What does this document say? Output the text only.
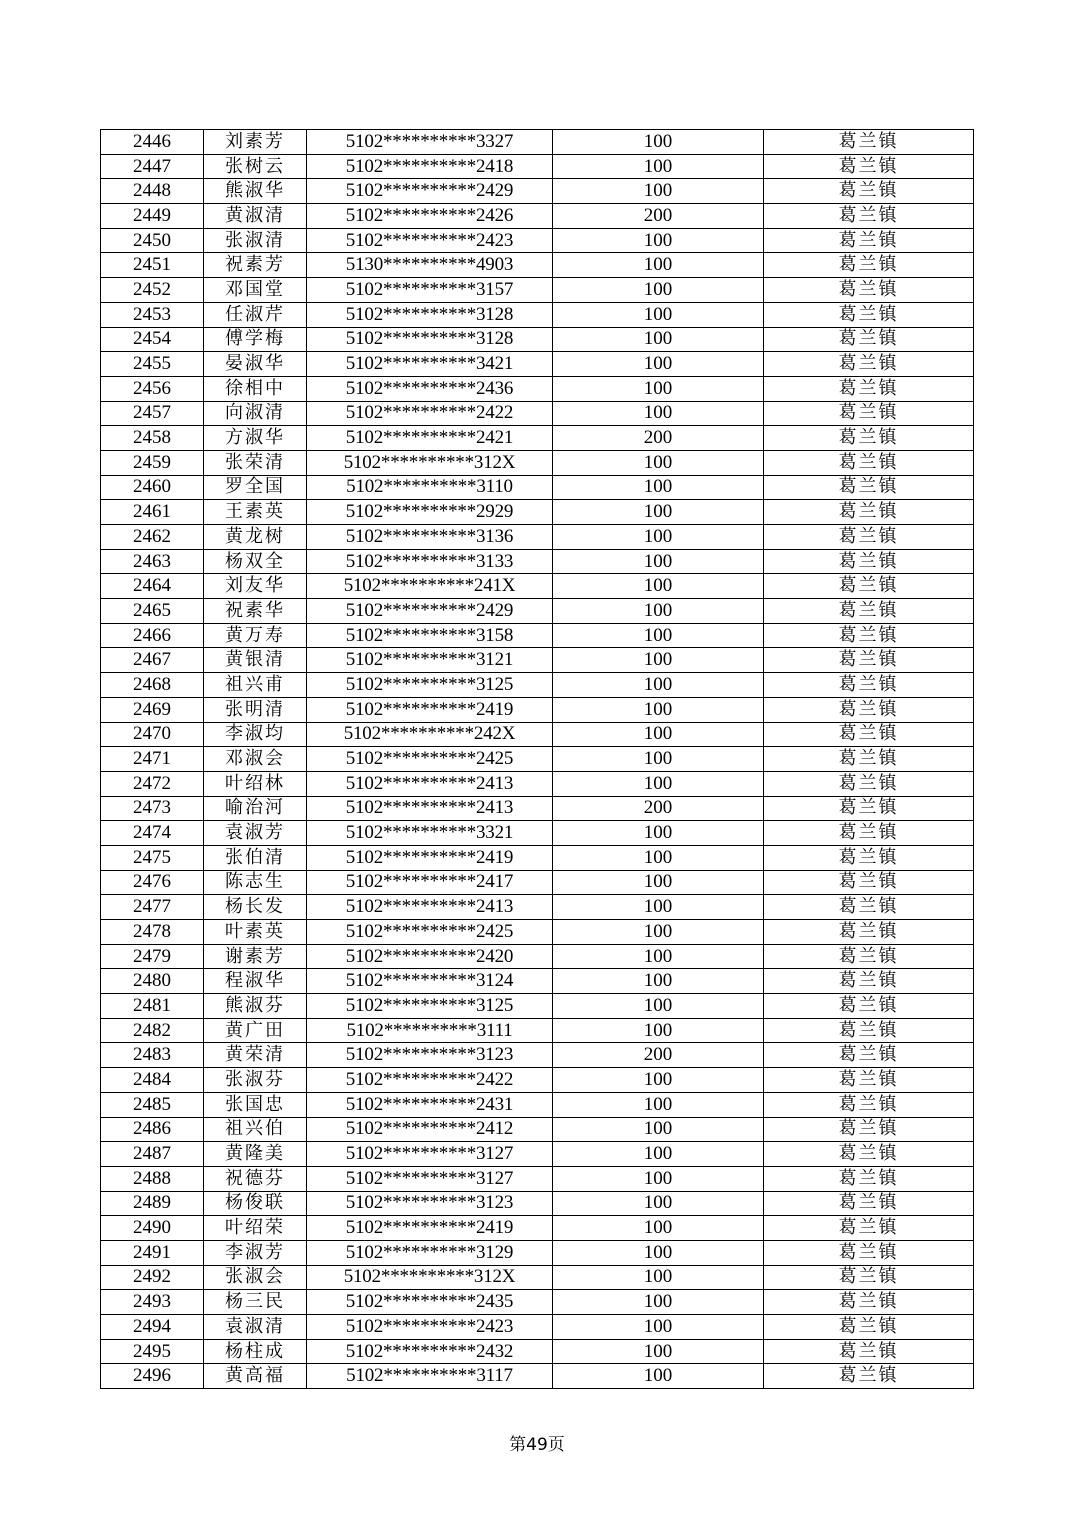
2446	刘素芳	5102**********3327	100	葛兰镇
2447	张树云	5102**********2418	100	葛兰镇
2448	熊淑华	5102**********2429	100	葛兰镇
2449	黄淑清	5102**********2426	200	葛兰镇
2450	张淑清	5102**********2423	100	葛兰镇
2451	祝素芳	5130**********4903	100	葛兰镇
2452	邓国堂	5102**********3157	100	葛兰镇
2453	任淑芹	5102**********3128	100	葛兰镇
2454	傅学梅	5102**********3128	100	葛兰镇
2455	晏淑华	5102**********3421	100	葛兰镇
2456	徐相中	5102**********2436	100	葛兰镇
2457	向淑清	5102**********2422	100	葛兰镇
2458	方淑华	5102**********2421	200	葛兰镇
2459	张荣清	5102**********312X	100	葛兰镇
2460	罗全国	5102**********3110	100	葛兰镇
2461	王素英	5102**********2929	100	葛兰镇
2462	黄龙树	5102**********3136	100	葛兰镇
2463	杨双全	5102**********3133	100	葛兰镇
2464	刘友华	5102**********241X	100	葛兰镇
2465	祝素华	5102**********2429	100	葛兰镇
2466	黄万寿	5102**********3158	100	葛兰镇
2467	黄银清	5102**********3121	100	葛兰镇
2468	祖兴甫	5102**********3125	100	葛兰镇
2469	张明清	5102**********2419	100	葛兰镇
2470	李淑均	5102**********242X	100	葛兰镇
2471	邓淑会	5102**********2425	100	葛兰镇
2472	叶绍林	5102**********2413	100	葛兰镇
2473	喻治河	5102**********2413	200	葛兰镇
2474	袁淑芳	5102**********3321	100	葛兰镇
2475	张伯清	5102**********2419	100	葛兰镇
2476	陈志生	5102**********2417	100	葛兰镇
2477	杨长发	5102**********2413	100	葛兰镇
2478	叶素英	5102**********2425	100	葛兰镇
2479	谢素芳	5102**********2420	100	葛兰镇
2480	程淑华	5102**********3124	100	葛兰镇
2481	熊淑芬	5102**********3125	100	葛兰镇
2482	黄广田	5102**********3111	100	葛兰镇
2483	黄荣清	5102**********3123	200	葛兰镇
2484	张淑芬	5102**********2422	100	葛兰镇
2485	张国忠	5102**********2431	100	葛兰镇
2486	祖兴伯	5102**********2412	100	葛兰镇
2487	黄隆美	5102**********3127	100	葛兰镇
2488	祝德芬	5102**********3127	100	葛兰镇
2489	杨俊联	5102**********3123	100	葛兰镇
2490	叶绍荣	5102**********2419	100	葛兰镇
2491	李淑芳	5102**********3129	100	葛兰镇
2492	张淑会	5102**********312X	100	葛兰镇
2493	杨三民	5102**********2435	100	葛兰镇
2494	袁淑清	5102**********2423	100	葛兰镇
2495	杨柱成	5102**********2432	100	葛兰镇
2496	黄高福	5102**********3117	100	葛兰镇
第49页
